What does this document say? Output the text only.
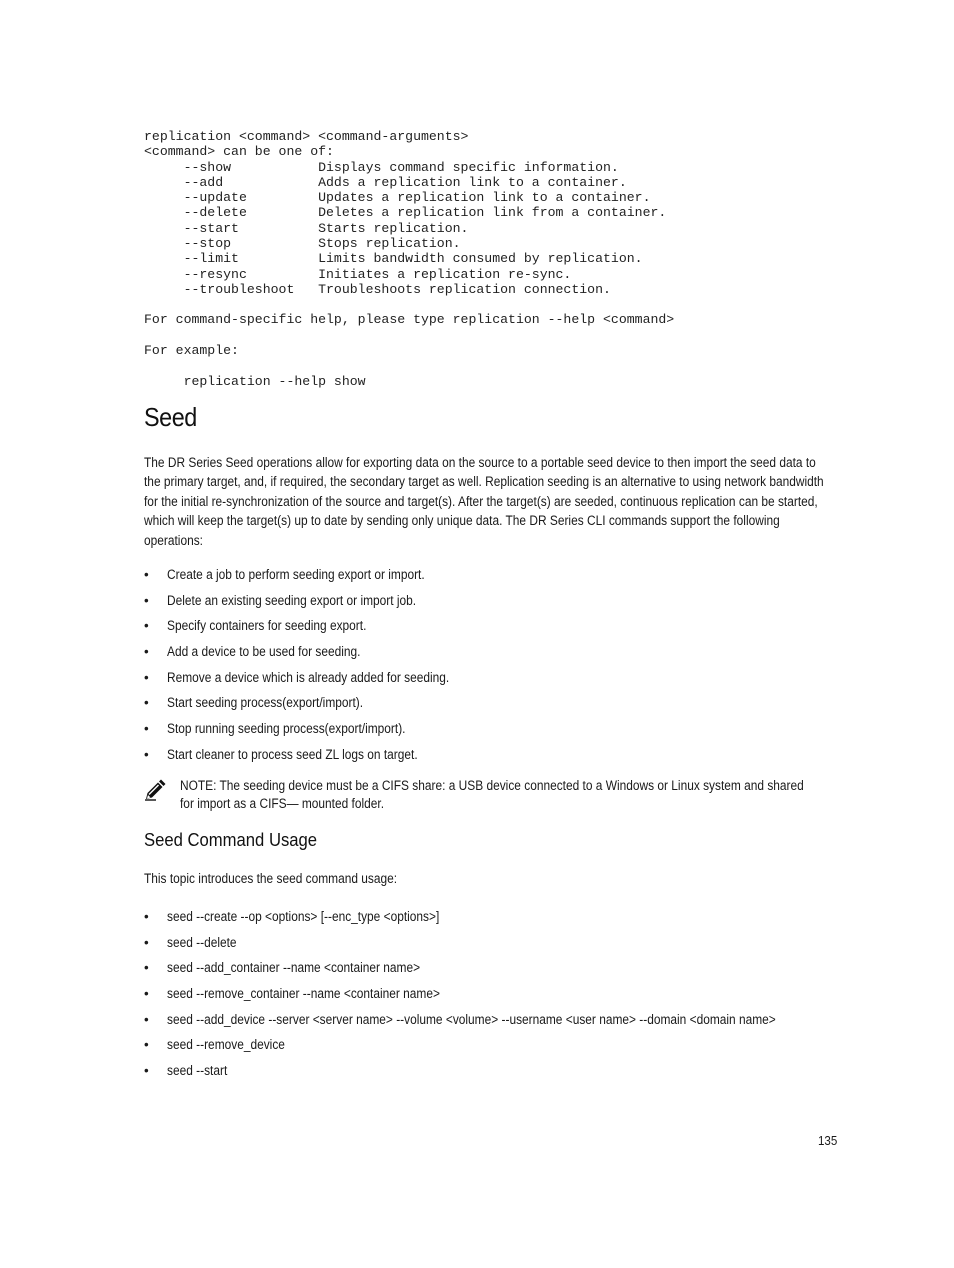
replication <command> <command-arguments>
<command> can be one of:
--show           Displays command specific information.
--add            Adds a replication link to a container.
--update         Updates a replication link to a container.
--delete         Deletes a replication link from a container.
--start          Starts replication.
--stop           Stops replication.
--limit          Limits bandwidth consumed by replication.
--resync         Initiates a replication re-sync.
--troubleshoot   Troubleshoots replication connection.
For command-specific help, please type replication --help <command>
For example:
replication --help show
Seed

The DR Series Seed operations allow for exporting data on the source to a portable seed device to then import the seed data to the primary target, and, if required, the secondary target as well. Replication seeding is an alternative to using network bandwidth for the initial re-synchronization of the source and target(s). After the target(s) are seeded, continuous replication can be started, which will keep the target(s) up to date by sending only unique data. The DR Series CLI commands support the following operations:

• Create a job to perform seeding export or import.
• Delete an existing seeding export or import job.
• Specify containers for seeding export.
• Add a device to be used for seeding.
• Remove a device which is already added for seeding.
• Start seeding process(export/import).
• Stop running seeding process(export/import).
• Start cleaner to process seed ZL logs on target.

NOTE: The seeding device must be a CIFS share: a USB device connected to a Windows or Linux system and shared for import as a CIFS— mounted folder.

Seed Command Usage

This topic introduces the seed command usage:

• seed --create --op <options> [--enc_type <options>]
• seed --delete
• seed --add_container --name <container name>
• seed --remove_container --name <container name>
• seed --add_device --server <server name> --volume <volume> --username <user name> --domain <domain name>
• seed --remove_device
• seed --start

135
